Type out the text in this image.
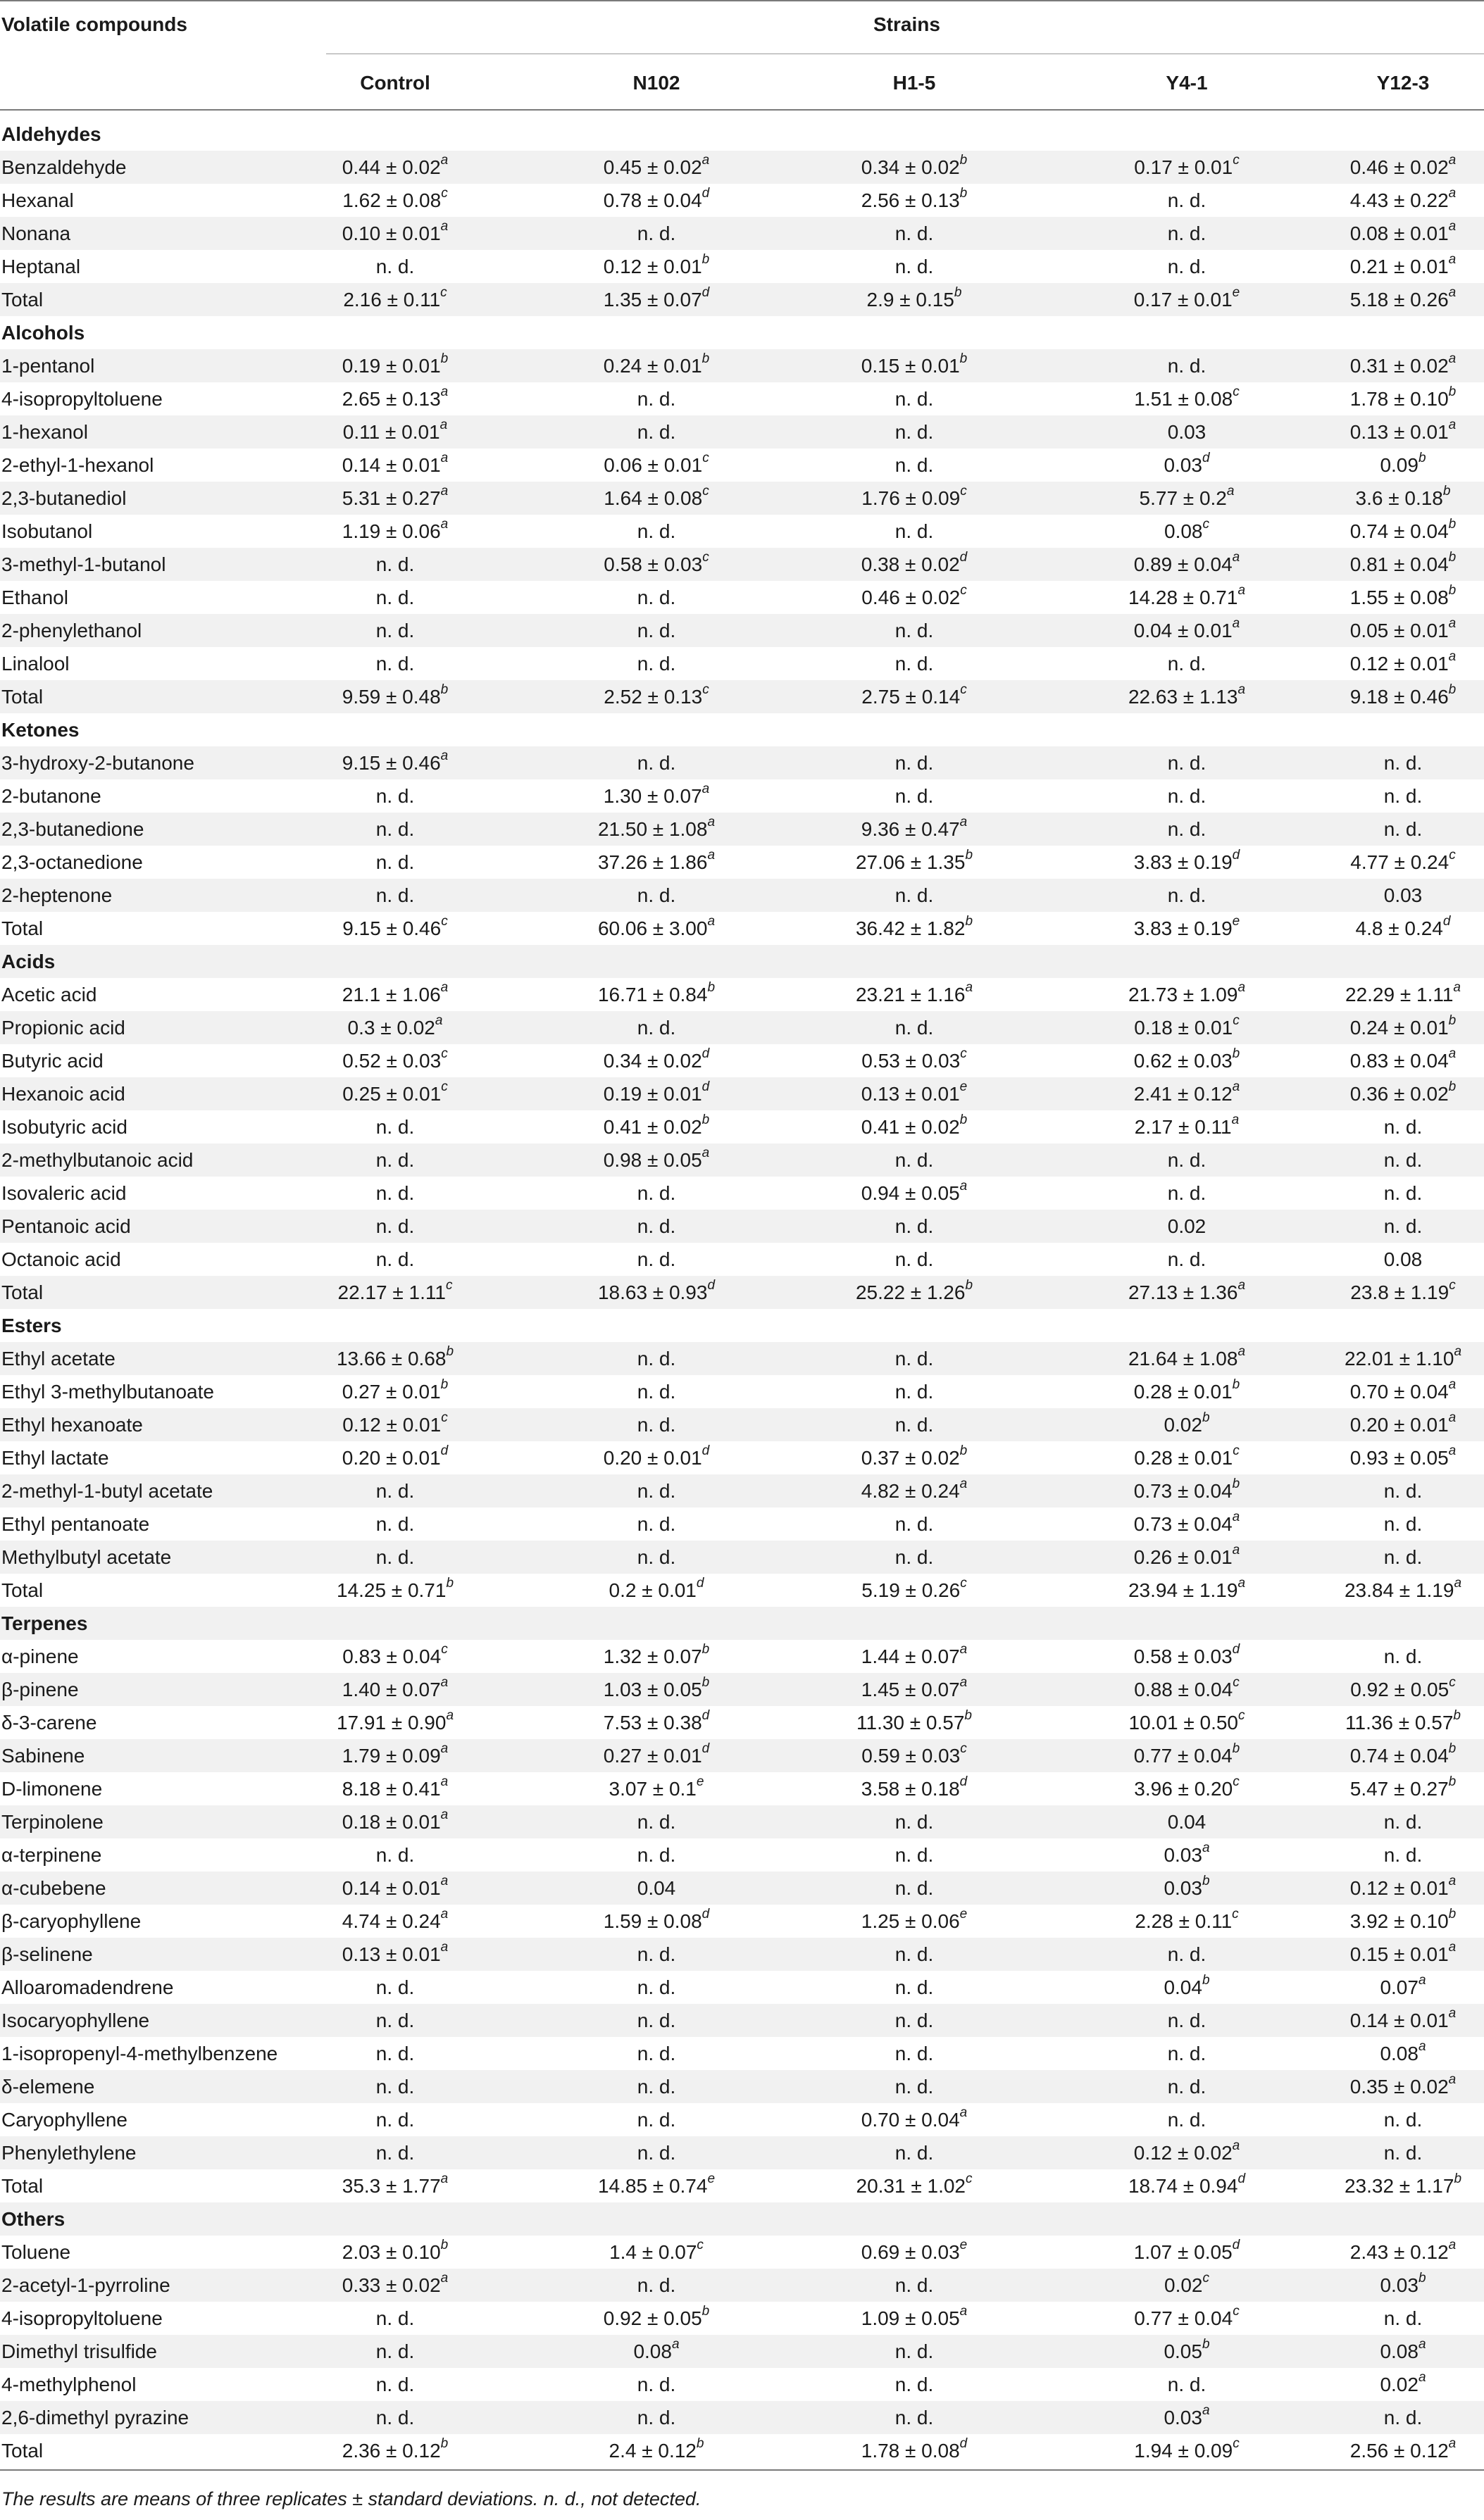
Volatile compounds	Strains
Control	N102	H1-5	Y4-1	Y12-3
Aldehydes
Benzaldehyde	0.44 ± 0.02$^a$	0.45 ± 0.02$^a$	0.34 ± 0.02$^b$	0.17 ± 0.01$^c$	0.46 ± 0.02$^a$
Hexanal	1.62 ± 0.08$^c$	0.78 ± 0.04$^d$	2.56 ± 0.13$^b$	n. d.	4.43 ± 0.22$^a$
Nonana	0.10 ± 0.01$^a$	n. d.	n. d.	n. d.	0.08 ± 0.01$^a$
Heptanal	n. d.	0.12 ± 0.01$^b$	n. d.	n. d.	0.21 ± 0.01$^a$
Total	2.16 ± 0.11$^c$	1.35 ± 0.07$^d$	2.9 ± 0.15$^b$	0.17 ± 0.01$^e$	5.18 ± 0.26$^a$
Alcohols
1-pentanol	0.19 ± 0.01$^b$	0.24 ± 0.01$^b$	0.15 ± 0.01$^b$	n. d.	0.31 ± 0.02$^a$
4-isopropyltoluene	2.65 ± 0.13$^a$	n. d.	n. d.	1.51 ± 0.08$^c$	1.78 ± 0.10$^b$
1-hexanol	0.11 ± 0.01$^a$	n. d.	n. d.	0.03	0.13 ± 0.01$^a$
2-ethyl-1-hexanol	0.14 ± 0.01$^a$	0.06 ± 0.01$^c$	n. d.	0.03$^d$	0.09$^b$
2,3-butanediol	5.31 ± 0.27$^a$	1.64 ± 0.08$^c$	1.76 ± 0.09$^c$	5.77 ± 0.2$^a$	3.6 ± 0.18$^b$
Isobutanol	1.19 ± 0.06$^a$	n. d.	n. d.	0.08$^c$	0.74 ± 0.04$^b$
3-methyl-1-butanol	n. d.	0.58 ± 0.03$^c$	0.38 ± 0.02$^d$	0.89 ± 0.04$^a$	0.81 ± 0.04$^b$
Ethanol	n. d.	n. d.	0.46 ± 0.02$^c$	14.28 ± 0.71$^a$	1.55 ± 0.08$^b$
2-phenylethanol	n. d.	n. d.	n. d.	0.04 ± 0.01$^a$	0.05 ± 0.01$^a$
Linalool	n. d.	n. d.	n. d.	n. d.	0.12 ± 0.01$^a$
Total	9.59 ± 0.48$^b$	2.52 ± 0.13$^c$	2.75 ± 0.14$^c$	22.63 ± 1.13$^a$	9.18 ± 0.46$^b$
Ketones
3-hydroxy-2-butanone	9.15 ± 0.46$^a$	n. d.	n. d.	n. d.	n. d.
2-butanone	n. d.	1.30 ± 0.07$^a$	n. d.	n. d.	n. d.
2,3-butanedione	n. d.	21.50 ± 1.08$^a$	9.36 ± 0.47$^a$	n. d.	n. d.
2,3-octanedione	n. d.	37.26 ± 1.86$^a$	27.06 ± 1.35$^b$	3.83 ± 0.19$^d$	4.77 ± 0.24$^c$
2-heptenone	n. d.	n. d.	n. d.	n. d.	0.03
Total	9.15 ± 0.46$^c$	60.06 ± 3.00$^a$	36.42 ± 1.82$^b$	3.83 ± 0.19$^e$	4.8 ± 0.24$^d$
Acids
Acetic acid	21.1 ± 1.06$^a$	16.71 ± 0.84$^b$	23.21 ± 1.16$^a$	21.73 ± 1.09$^a$	22.29 ± 1.11$^a$
Propionic acid	0.3 ± 0.02$^a$	n. d.	n. d.	0.18 ± 0.01$^c$	0.24 ± 0.01$^b$
Butyric acid	0.52 ± 0.03$^c$	0.34 ± 0.02$^d$	0.53 ± 0.03$^c$	0.62 ± 0.03$^b$	0.83 ± 0.04$^a$
Hexanoic acid	0.25 ± 0.01$^c$	0.19 ± 0.01$^d$	0.13 ± 0.01$^e$	2.41 ± 0.12$^a$	0.36 ± 0.02$^b$
Isobutyric acid	n. d.	0.41 ± 0.02$^b$	0.41 ± 0.02$^b$	2.17 ± 0.11$^a$	n. d.
2-methylbutanoic acid	n. d.	0.98 ± 0.05$^a$	n. d.	n. d.	n. d.
Isovaleric acid	n. d.	n. d.	0.94 ± 0.05$^a$	n. d.	n. d.
Pentanoic acid	n. d.	n. d.	n. d.	0.02	n. d.
Octanoic acid	n. d.	n. d.	n. d.	n. d.	0.08
Total	22.17 ± 1.11$^c$	18.63 ± 0.93$^d$	25.22 ± 1.26$^b$	27.13 ± 1.36$^a$	23.8 ± 1.19$^c$
Esters
Ethyl acetate	13.66 ± 0.68$^b$	n. d.	n. d.	21.64 ± 1.08$^a$	22.01 ± 1.10$^a$
Ethyl 3-methylbutanoate	0.27 ± 0.01$^b$	n. d.	n. d.	0.28 ± 0.01$^b$	0.70 ± 0.04$^a$
Ethyl hexanoate	0.12 ± 0.01$^c$	n. d.	n. d.	0.02$^b$	0.20 ± 0.01$^a$
Ethyl lactate	0.20 ± 0.01$^d$	0.20 ± 0.01$^d$	0.37 ± 0.02$^b$	0.28 ± 0.01$^c$	0.93 ± 0.05$^a$
2-methyl-1-butyl acetate	n. d.	n. d.	4.82 ± 0.24$^a$	0.73 ± 0.04$^b$	n. d.
Ethyl pentanoate	n. d.	n. d.	n. d.	0.73 ± 0.04$^a$	n. d.
Methylbutyl acetate	n. d.	n. d.	n. d.	0.26 ± 0.01$^a$	n. d.
Total	14.25 ± 0.71$^b$	0.2 ± 0.01$^d$	5.19 ± 0.26$^c$	23.94 ± 1.19$^a$	23.84 ± 1.19$^a$
Terpenes
α-pinene	0.83 ± 0.04$^c$	1.32 ± 0.07$^b$	1.44 ± 0.07$^a$	0.58 ± 0.03$^d$	n. d.
β-pinene	1.40 ± 0.07$^a$	1.03 ± 0.05$^b$	1.45 ± 0.07$^a$	0.88 ± 0.04$^c$	0.92 ± 0.05$^c$
δ-3-carene	17.91 ± 0.90$^a$	7.53 ± 0.38$^d$	11.30 ± 0.57$^b$	10.01 ± 0.50$^c$	11.36 ± 0.57$^b$
Sabinene	1.79 ± 0.09$^a$	0.27 ± 0.01$^d$	0.59 ± 0.03$^c$	0.77 ± 0.04$^b$	0.74 ± 0.04$^b$
D-limonene	8.18 ± 0.41$^a$	3.07 ± 0.1$^e$	3.58 ± 0.18$^d$	3.96 ± 0.20$^c$	5.47 ± 0.27$^b$
Terpinolene	0.18 ± 0.01$^a$	n. d.	n. d.	0.04	n. d.
α-terpinene	n. d.	n. d.	n. d.	0.03$^a$	n. d.
α-cubebene	0.14 ± 0.01$^a$	0.04	n. d.	0.03$^b$	0.12 ± 0.01$^a$
β-caryophyllene	4.74 ± 0.24$^a$	1.59 ± 0.08$^d$	1.25 ± 0.06$^e$	2.28 ± 0.11$^c$	3.92 ± 0.10$^b$
β-selinene	0.13 ± 0.01$^a$	n. d.	n. d.	n. d.	0.15 ± 0.01$^a$
Alloaromadendrene	n. d.	n. d.	n. d.	0.04$^b$	0.07$^a$
Isocaryophyllene	n. d.	n. d.	n. d.	n. d.	0.14 ± 0.01$^a$
1-isopropenyl-4-methylbenzene	n. d.	n. d.	n. d.	n. d.	0.08$^a$
δ-elemene	n. d.	n. d.	n. d.	n. d.	0.35 ± 0.02$^a$
Caryophyllene	n. d.	n. d.	0.70 ± 0.04$^a$	n. d.	n. d.
Phenylethylene	n. d.	n. d.	n. d.	0.12 ± 0.02$^a$	n. d.
Total	35.3 ± 1.77$^a$	14.85 ± 0.74$^e$	20.31 ± 1.02$^c$	18.74 ± 0.94$^d$	23.32 ± 1.17$^b$
Others
Toluene	2.03 ± 0.10$^b$	1.4 ± 0.07$^c$	0.69 ± 0.03$^e$	1.07 ± 0.05$^d$	2.43 ± 0.12$^a$
2-acetyl-1-pyrroline	0.33 ± 0.02$^a$	n. d.	n. d.	0.02$^c$	0.03$^b$
4-isopropyltoluene	n. d.	0.92 ± 0.05$^b$	1.09 ± 0.05$^a$	0.77 ± 0.04$^c$	n. d.
Dimethyl trisulfide	n. d.	0.08$^a$	n. d.	0.05$^b$	0.08$^a$
4-methylphenol	n. d.	n. d.	n. d.	n. d.	0.02$^a$
2,6-dimethyl pyrazine	n. d.	n. d.	n. d.	0.03$^a$	n. d.
Total	2.36 ± 0.12$^b$	2.4 ± 0.12$^b$	1.78 ± 0.08$^d$	1.94 ± 0.09$^c$	2.56 ± 0.12$^a$
The results are means of three replicates ± standard deviations. n. d., not detected.
